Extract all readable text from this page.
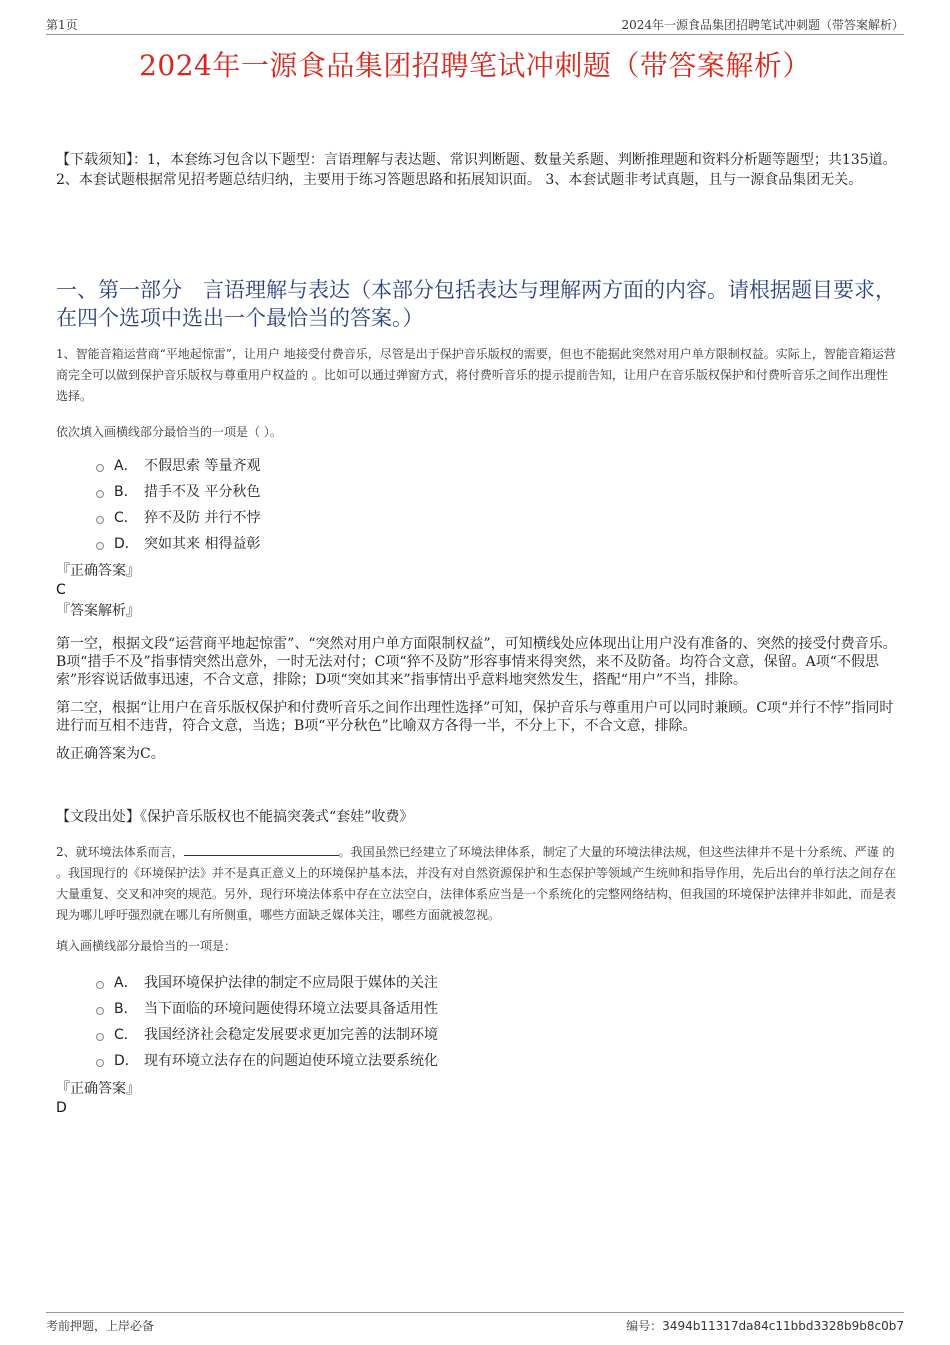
第1页	2024年一源食品集团招聘笔试冲刺题（带答案解析）
2024年一源食品集团招聘笔试冲刺题（带答案解析）
【下载须知】：1，本套练习包含以下题型：言语理解与表达题、常识判断题、数量关系题、判断推理题和资料分析题等题型；共135道。 2、本套试题根据常见招考题总结归纳，主要用于练习答题思路和拓展知识面。 3、本套试题非考试真题，且与一源食品集团无关。
一、第一部分　言语理解与表达（本部分包括表达与理解两方面的内容。请根据题目要求，在四个选项中选出一个最恰当的答案。）
1、智能音箱运营商“平地起惊雷”，让用户 地接受付费音乐，尽管是出于保护音乐版权的需要，但也不能据此突然对用户单方限制权益。实际上，智能音箱运营商完全可以做到保护音乐版权与尊重用户权益的 。比如可以通过弹窗方式，将付费听音乐的提示提前告知，让用户在音乐版权保护和付费听音乐之间作出理性选择。
依次填入画横线部分最恰当的一项是（ ）。
A． 不假思索 等量齐观
B． 措手不及 平分秋色
C． 猝不及防 并行不悖
D． 突如其来 相得益彰
『正确答案』
C
『答案解析』

第一空，根据文段“运营商平地起惊雷”、“突然对用户单方面限制权益”，可知横线处应体现出让用户没有准备的、突然的接受付费音乐。B项“措手不及”指事情突然出意外，一时无法对付；C项“猝不及防”形容事情来得突然，来不及防备。均符合文意，保留。A项“不假思索”形容说话做事迅速，不合文意，排除；D项“突如其来”指事情出乎意料地突然发生，搭配“用户”不当，排除。

第二空，根据“让用户在音乐版权保护和付费听音乐之间作出理性选择”可知，保护音乐与尊重用户可以同时兼顾。C项“并行不悖”指同时进行而互相不违背，符合文意，当选；B项“平分秋色”比喻双方各得一半，不分上下，不合文意，排除。

故正确答案为C。

【文段出处】《保护音乐版权也不能搞突袭式“套娃”收费》
2、就环境法体系而言，	。我国虽然已经建立了环境法律体系，制定了大量的环境法律法规，但这些法律并不是十分系统、严谨 的 。我国现行的《环境保护法》并不是真正意义上的环境保护基本法，并没有对自然资源保护和生态保护等领域产生统帅和指导作用，先后出台的单行法之间存在大量重复、交叉和冲突的规范。另外，现行环境法体系中存在立法空白，法律体系应当是一个系统化的完整网络结构，但我国的环境保护法律并非如此，而是表现为哪儿呼吁强烈就在哪儿有所侧重，哪些方面缺乏媒体关注，哪些方面就被忽视。
填入画横线部分最恰当的一项是：
A． 我国环境保护法律的制定不应局限于媒体的关注
B． 当下面临的环境问题使得环境立法要具备适用性
C． 我国经济社会稳定发展要求更加完善的法制环境
D． 现有环境立法存在的问题迫使环境立法要系统化
『正确答案』
D
考前押题，上岸必备	编号：3494b11317da84c11bbd3328b9b8c0b7
